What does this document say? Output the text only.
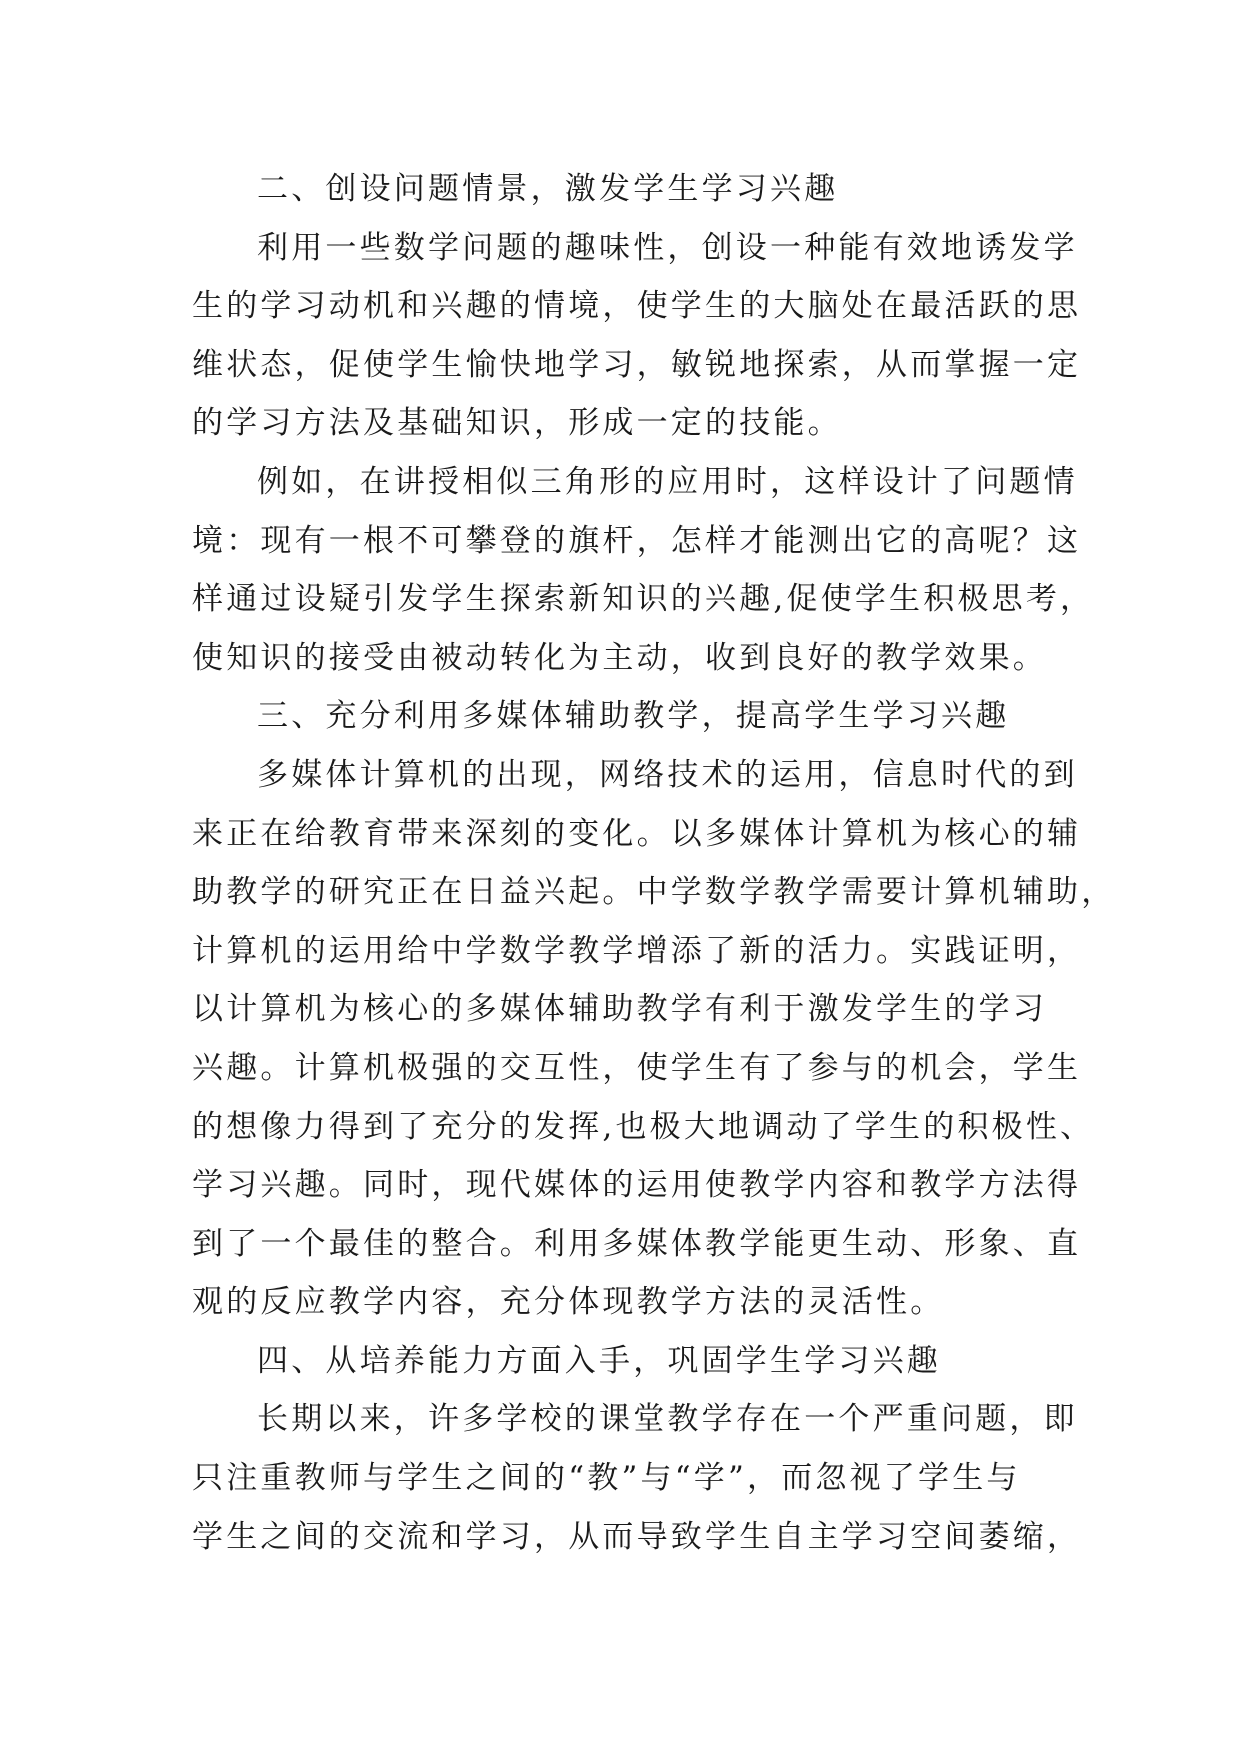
二、创设问题情景，激发学生学习兴趣
利用一些数学问题的趣味性，创设一种能有效地诱发学
生的学习动机和兴趣的情境，使学生的大脑处在最活跃的思
维状态，促使学生愉快地学习，敏锐地探索，从而掌握一定
的学习方法及基础知识，形成一定的技能。
例如，在讲授相似三角形的应用时，这样设计了问题情
境：现有一根不可攀登的旗杆，怎样才能测出它的高呢？这
样通过设疑引发学生探索新知识的兴趣,促使学生积极思考，
使知识的接受由被动转化为主动，收到良好的教学效果。
三、充分利用多媒体辅助教学，提高学生学习兴趣
多媒体计算机的出现，网络技术的运用，信息时代的到
来正在给教育带来深刻的变化。以多媒体计算机为核心的辅
助教学的研究正在日益兴起。中学数学教学需要计算机辅助，
计算机的运用给中学数学教学增添了新的活力。实践证明，
以计算机为核心的多媒体辅助教学有利于激发学生的学习
兴趣。计算机极强的交互性，使学生有了参与的机会，学生
的想像力得到了充分的发挥,也极大地调动了学生的积极性、
学习兴趣。同时，现代媒体的运用使教学内容和教学方法得
到了一个最佳的整合。利用多媒体教学能更生动、形象、直
观的反应教学内容，充分体现教学方法的灵活性。
四、从培养能力方面入手，巩固学生学习兴趣
长期以来，许多学校的课堂教学存在一个严重问题，即
只注重教师与学生之间的“教”与“学”，而忽视了学生与
学生之间的交流和学习，从而导致学生自主学习空间萎缩，
